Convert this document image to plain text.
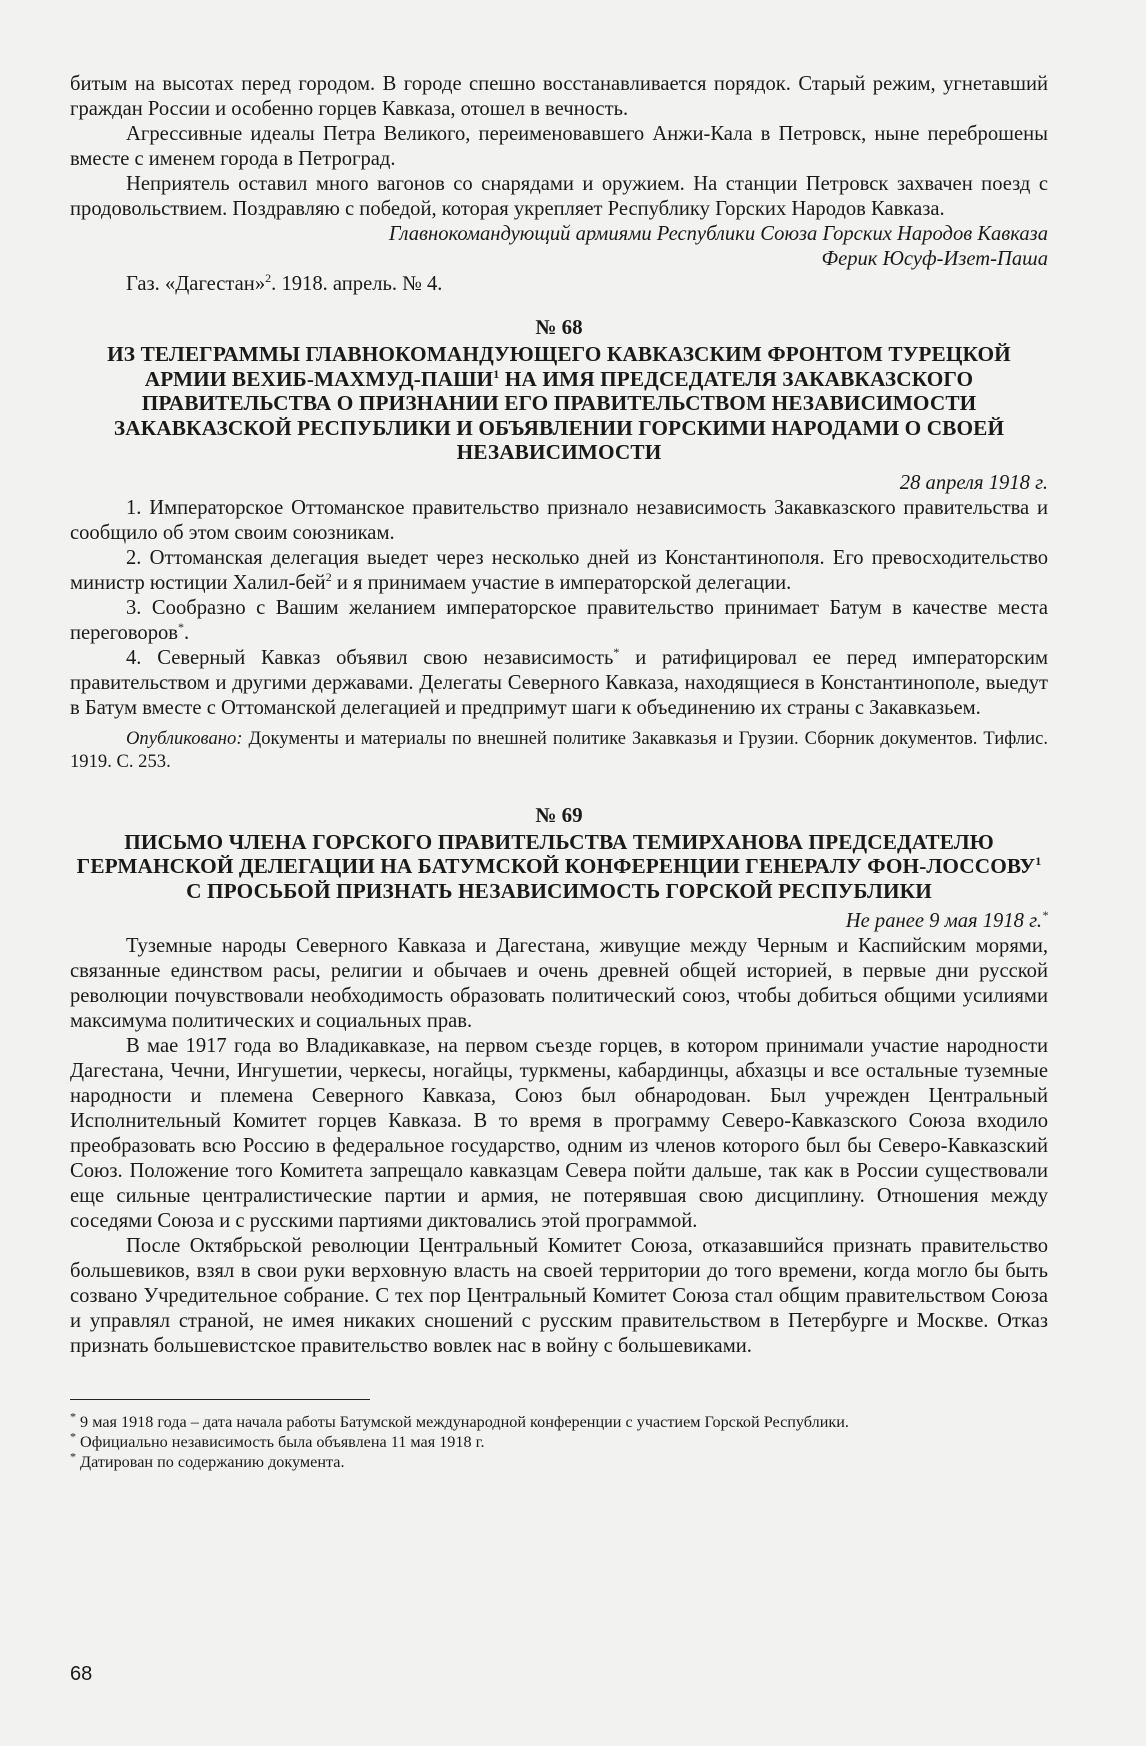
битым на высотах перед городом. В городе спешно восстанавливается порядок. Старый режим, угнетавший граждан России и особенно горцев Кавказа, отошел в вечность.

Агрессивные идеалы Петра Великого, переименовавшего Анжи-Кала в Петровск, ныне переброшены вместе с именем города в Петроград.

Неприятель оставил много вагонов со снарядами и оружием. На станции Петровск захвачен поезд с продовольствием. Поздравляю с победой, которая укрепляет Республику Горских Народов Кавказа.

Главнокомандующий армиями Республики Союза Горских Народов Кавказа

Ферик Юсуф-Изет-Паша

Газ. «Дагестан»$^2$. 1918. апрель. № 4.

№ 68
ИЗ ТЕЛЕГРАММЫ ГЛАВНОКОМАНДУЮЩЕГО КАВКАЗСКИМ ФРОНТОМ ТУРЕЦКОЙ АРМИИ ВЕХИБ-МАХМУД-ПАШИ$^1$ НА ИМЯ ПРЕДСЕДАТЕЛЯ ЗАКАВКАЗСКОГО ПРАВИТЕЛЬСТВА О ПРИЗНАНИИ ЕГО ПРАВИТЕЛЬСТВОМ НЕЗАВИСИМОСТИ ЗАКАВКАЗСКОЙ РЕСПУБЛИКИ И ОБЪЯВЛЕНИИ ГОРСКИМИ НАРОДАМИ О СВОЕЙ НЕЗАВИСИМОСТИ

28 апреля 1918 г.

1. Императорское Оттоманское правительство признало независимость Закавказского правительства и сообщило об этом своим союзникам.

2. Оттоманская делегация выедет через несколько дней из Константинополя. Его превосходительство министр юстиции Халил-бей$^2$ и я принимаем участие в императорской делегации.

3. Сообразно с Вашим желанием императорское правительство принимает Батум в качестве места переговоров*.

4. Северный Кавказ объявил свою независимость* и ратифицировал ее перед императорским правительством и другими державами. Делегаты Северного Кавказа, находящиеся в Константинополе, выедут в Батум вместе с Оттоманской делегацией и предпримут шаги к объединению их страны с Закавказьем.

Опубликовано: Документы и материалы по внешней политике Закавказья и Грузии. Сборник документов. Тифлис. 1919. С. 253.

№ 69
ПИСЬМО ЧЛЕНА ГОРСКОГО ПРАВИТЕЛЬСТВА ТЕМИРХАНОВА ПРЕДСЕДАТЕЛЮ ГЕРМАНСКОЙ ДЕЛЕГАЦИИ НА БАТУМСКОЙ КОНФЕРЕНЦИИ ГЕНЕРАЛУ ФОН-ЛОССОВУ$^1$ С ПРОСЬБОЙ ПРИЗНАТЬ НЕЗАВИСИМОСТЬ ГОРСКОЙ РЕСПУБЛИКИ

Не ранее 9 мая 1918 г.*

Туземные народы Северного Кавказа и Дагестана, живущие между Черным и Каспийским морями, связанные единством расы, религии и обычаев и очень древней общей историей, в первые дни русской революции почувствовали необходимость образовать политический союз, чтобы добиться общими усилиями максимума политических и социальных прав.

В мае 1917 года во Владикавказе, на первом съезде горцев, в котором принимали участие народности Дагестана, Чечни, Ингушетии, черкесы, ногайцы, туркмены, кабардинцы, абхазцы и все остальные туземные народности и племена Северного Кавказа, Союз был обнародован. Был учрежден Центральный Исполнительный Комитет горцев Кавказа. В то время в программу Северо-Кавказского Союза входило преобразовать всю Россию в федеральное государство, одним из членов которого был бы Северо-Кавказский Союз. Положение того Комитета запрещало кавказцам Севера пойти дальше, так как в России существовали еще сильные централистические партии и армия, не потерявшая свою дисциплину. Отношения между соседями Союза и с русскими партиями диктовались этой программой.

После Октябрьской революции Центральный Комитет Союза, отказавшийся признать правительство большевиков, взял в свои руки верховную власть на своей территории до того времени, когда могло бы быть созвано Учредительное собрание. С тех пор Центральный Комитет Союза стал общим правительством Союза и управлял страной, не имея никаких сношений с русским правительством в Петербурге и Москве. Отказ признать большевистское правительство вовлек нас в войну с большевиками.

* 9 мая 1918 года – дата начала работы Батумской международной конференции с участием Горской Республики.

* Официально независимость была объявлена 11 мая 1918 г.

* Датирован по содержанию документа.

68
